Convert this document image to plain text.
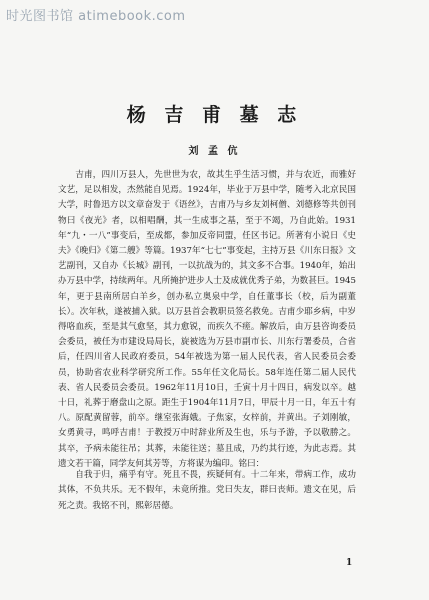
时光图书馆 atimebook.com
杨 吉 甫 墓 志
刘 孟 伉

吉甫，四川万县人，先世世为农，故其生乎生活习惯，并与农近，而雅好文艺，足以相发，杰然能自见焉。1924年，毕业于万县中学，随考入北京民国大学，时鲁迅方以文章奋发于《语丝》，吉甫乃与乡友刘柯僧、刘德修等共创刊物曰《夜光》者，以相唱酬，其一生成事之基，至于不竭，乃自此始。1931年“九・一八”事变后，至成都，参加反帝同盟，任区书记。所著有小说日《史夫》《晚归》《第二艘》等篇。1937年“七七”事变起，主持万县《川东日报》文艺副刊，又自办《长城》副刊，一以抗战为的，其文多不合事。1940年，始出办万县中学，持续两年。凡所掩护进步人士及成就优秀子弟，为数甚巨。1945年，更于县南所居白羊乡，创办私立奥泉中学，自任董事长（校，后为副董长）。次年秋，遂被捕入狱。以万县首会教职员签名救免。吉甫少耶乡病，中岁得咯血疾，至是其气愈坚，其力愈锐，而疾久不瘥。解放后，由万县咨询委员会委员，被任为市建设局局长，旋被选为万县市副市长、川东行署委员，合省后，任四川省人民政府委员，54年被选为第一届人民代表，省人民委员会委员，协助省农业科学研究所工作。55年任文化局长。58年连任第二届人民代表、省人民委员会委员。1962年11月10日，壬寅十月十四日，病发以卒。越十日，礼葬于磨盘山之原。距生于1904年11月7日，甲辰十月一日，年五十有八。原配黄留蓉，前卒。继室张海娥。子焦家，女梓前，并黄出。子刘刚敏，女勇黄寻，鸣呼吉甫！于教授万中时辞业所及生也，乐与予游，予以敬勝之。其卒，予病未能往吊；其葬，未能往送；墓且成，乃约其行迹，为此志焉。其遗文若干篇，同学友何其芳等，方将谋为编印。铭曰：

自我于归，痛乎有守。死且不畏，疾疑何有。十二年来，带病工作，成功其体，不负共乐。无不假年，未竟所推。党曰失友，群曰丧师。遗文在见，后死之责。我铭不刊，熙彰居德。

1
